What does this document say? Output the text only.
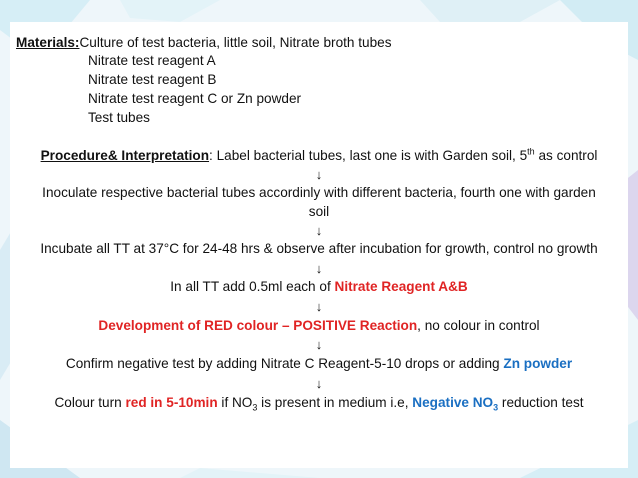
Materials:Culture of test bacteria, little soil, Nitrate broth tubes
Nitrate test reagent A
Nitrate test reagent B
Nitrate test reagent C or Zn powder
Test tubes
Procedure& Interpretation: Label bacterial tubes, last one is with Garden soil, 5th as control
↓
Inoculate respective bacterial tubes accordinly with different bacteria, fourth one with garden
soil
↓
Incubate all TT at 37°C for 24-48 hrs & observe after incubation for growth, control no growth
↓
In all TT add 0.5ml each of Nitrate Reagent A&B
↓
Development of RED colour – POSITIVE Reaction, no colour in control
↓
Confirm negative test by adding Nitrate C Reagent-5-10 drops or adding Zn powder
↓
Colour turn red in 5-10min if $NO_3$ is present in medium i.e, Negative $NO_3$ reduction test
